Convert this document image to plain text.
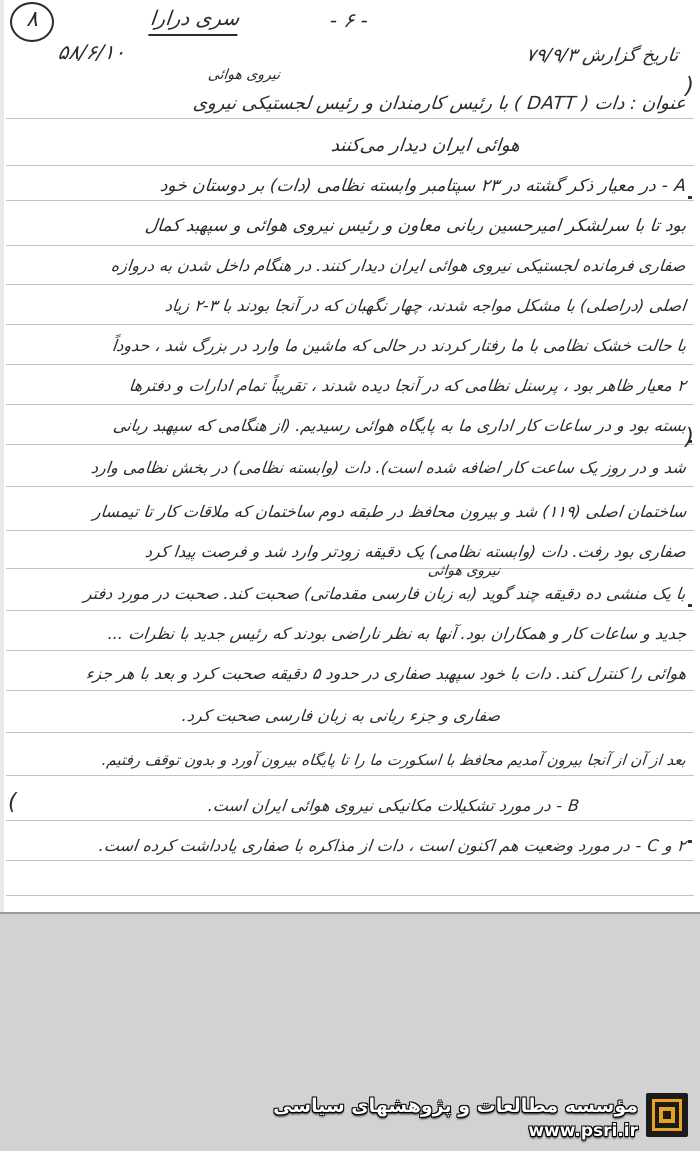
۸	سری درارا	- ۶ -
۵۸/۶/۱۰	تاریخ گزارش ۷۹/۹/۳
نیروی هوائی
عنوان : دات ( DATT ) با رئیس کارمندان و رئیس لجستیکی نیروی
هوائی ایران دیدار می‌کنند
A - در معیار ذکر گشته در ۲۳ سپتامبر وابسته نظامی (دات) بر دوستان خود
بود تا با سرلشکر امیرحسین ربانی معاون و رئیس نیروی هوائی و سپهبد کمال
صفاری فرمانده لجستیکی نیروی هوائی ایران دیدار کنند. در هنگام داخل شدن به دروازه
اصلی (دراصلی) با مشکل مواجه شدند، چهار نگهبان که در آنجا بودند با ۳-۲ زیاد
با حالت خشک نظامی با ما رفتار کردند در حالی که ماشین ما وارد در بزرگ شد ، حدوداً
۲ معیار ظاهر بود ، پرسنل نظامی که در آنجا دیده شدند ، تقریباً تمام ادارات و دفترها
بسته بود و در ساعات کار اداری ما به پایگاه هوائی رسیدیم. (از هنگامی که سپهبد ربانی
شد و در روز یک ساعت کار اضافه شده است). دات (وابسته نظامی) در بخش نظامی وارد
ساختمان اصلی (۱۱۹) شد و بیرون محافظ در طبقه دوم ساختمان که ملاقات کار تا تیمسار
صفاری بود رفت. دات (وابسته نظامی) یک دقیقه زودتر وارد شد و فرصت پیدا کرد
نیروی هوائی
با یک منشی ده دقیقه چند گوید (به زبان فارسی مقدماتی) صحبت کند. صحبت در مورد دفتر
جدید و ساعات کار و همکاران بود. آنها به نظر ناراضی بودند که رئیس جدید با نظرات ...
هوائی را کنترل کند. دات با خود سپهبد صفاری در حدود ۵ دقیقه صحبت کرد و بعد با هر جزء
صفاری و جزء ربانی به زبان فارسی صحبت کرد.
بعد از آن از آنجا بیرون آمدیم محافظ با اسکورت ما را تا پایگاه بیرون آورد و بدون توقف رفتیم.
B - در مورد تشکیلات مکانیکی نیروی هوائی ایران است.
۲ و C - در مورد وضعیت هم اکنون است ، دات از مذاکره با صفاری یادداشت کرده است.
)
)
(
مؤسسه مطالعات و پژوهشهای سیاسی
www.psri.ir
